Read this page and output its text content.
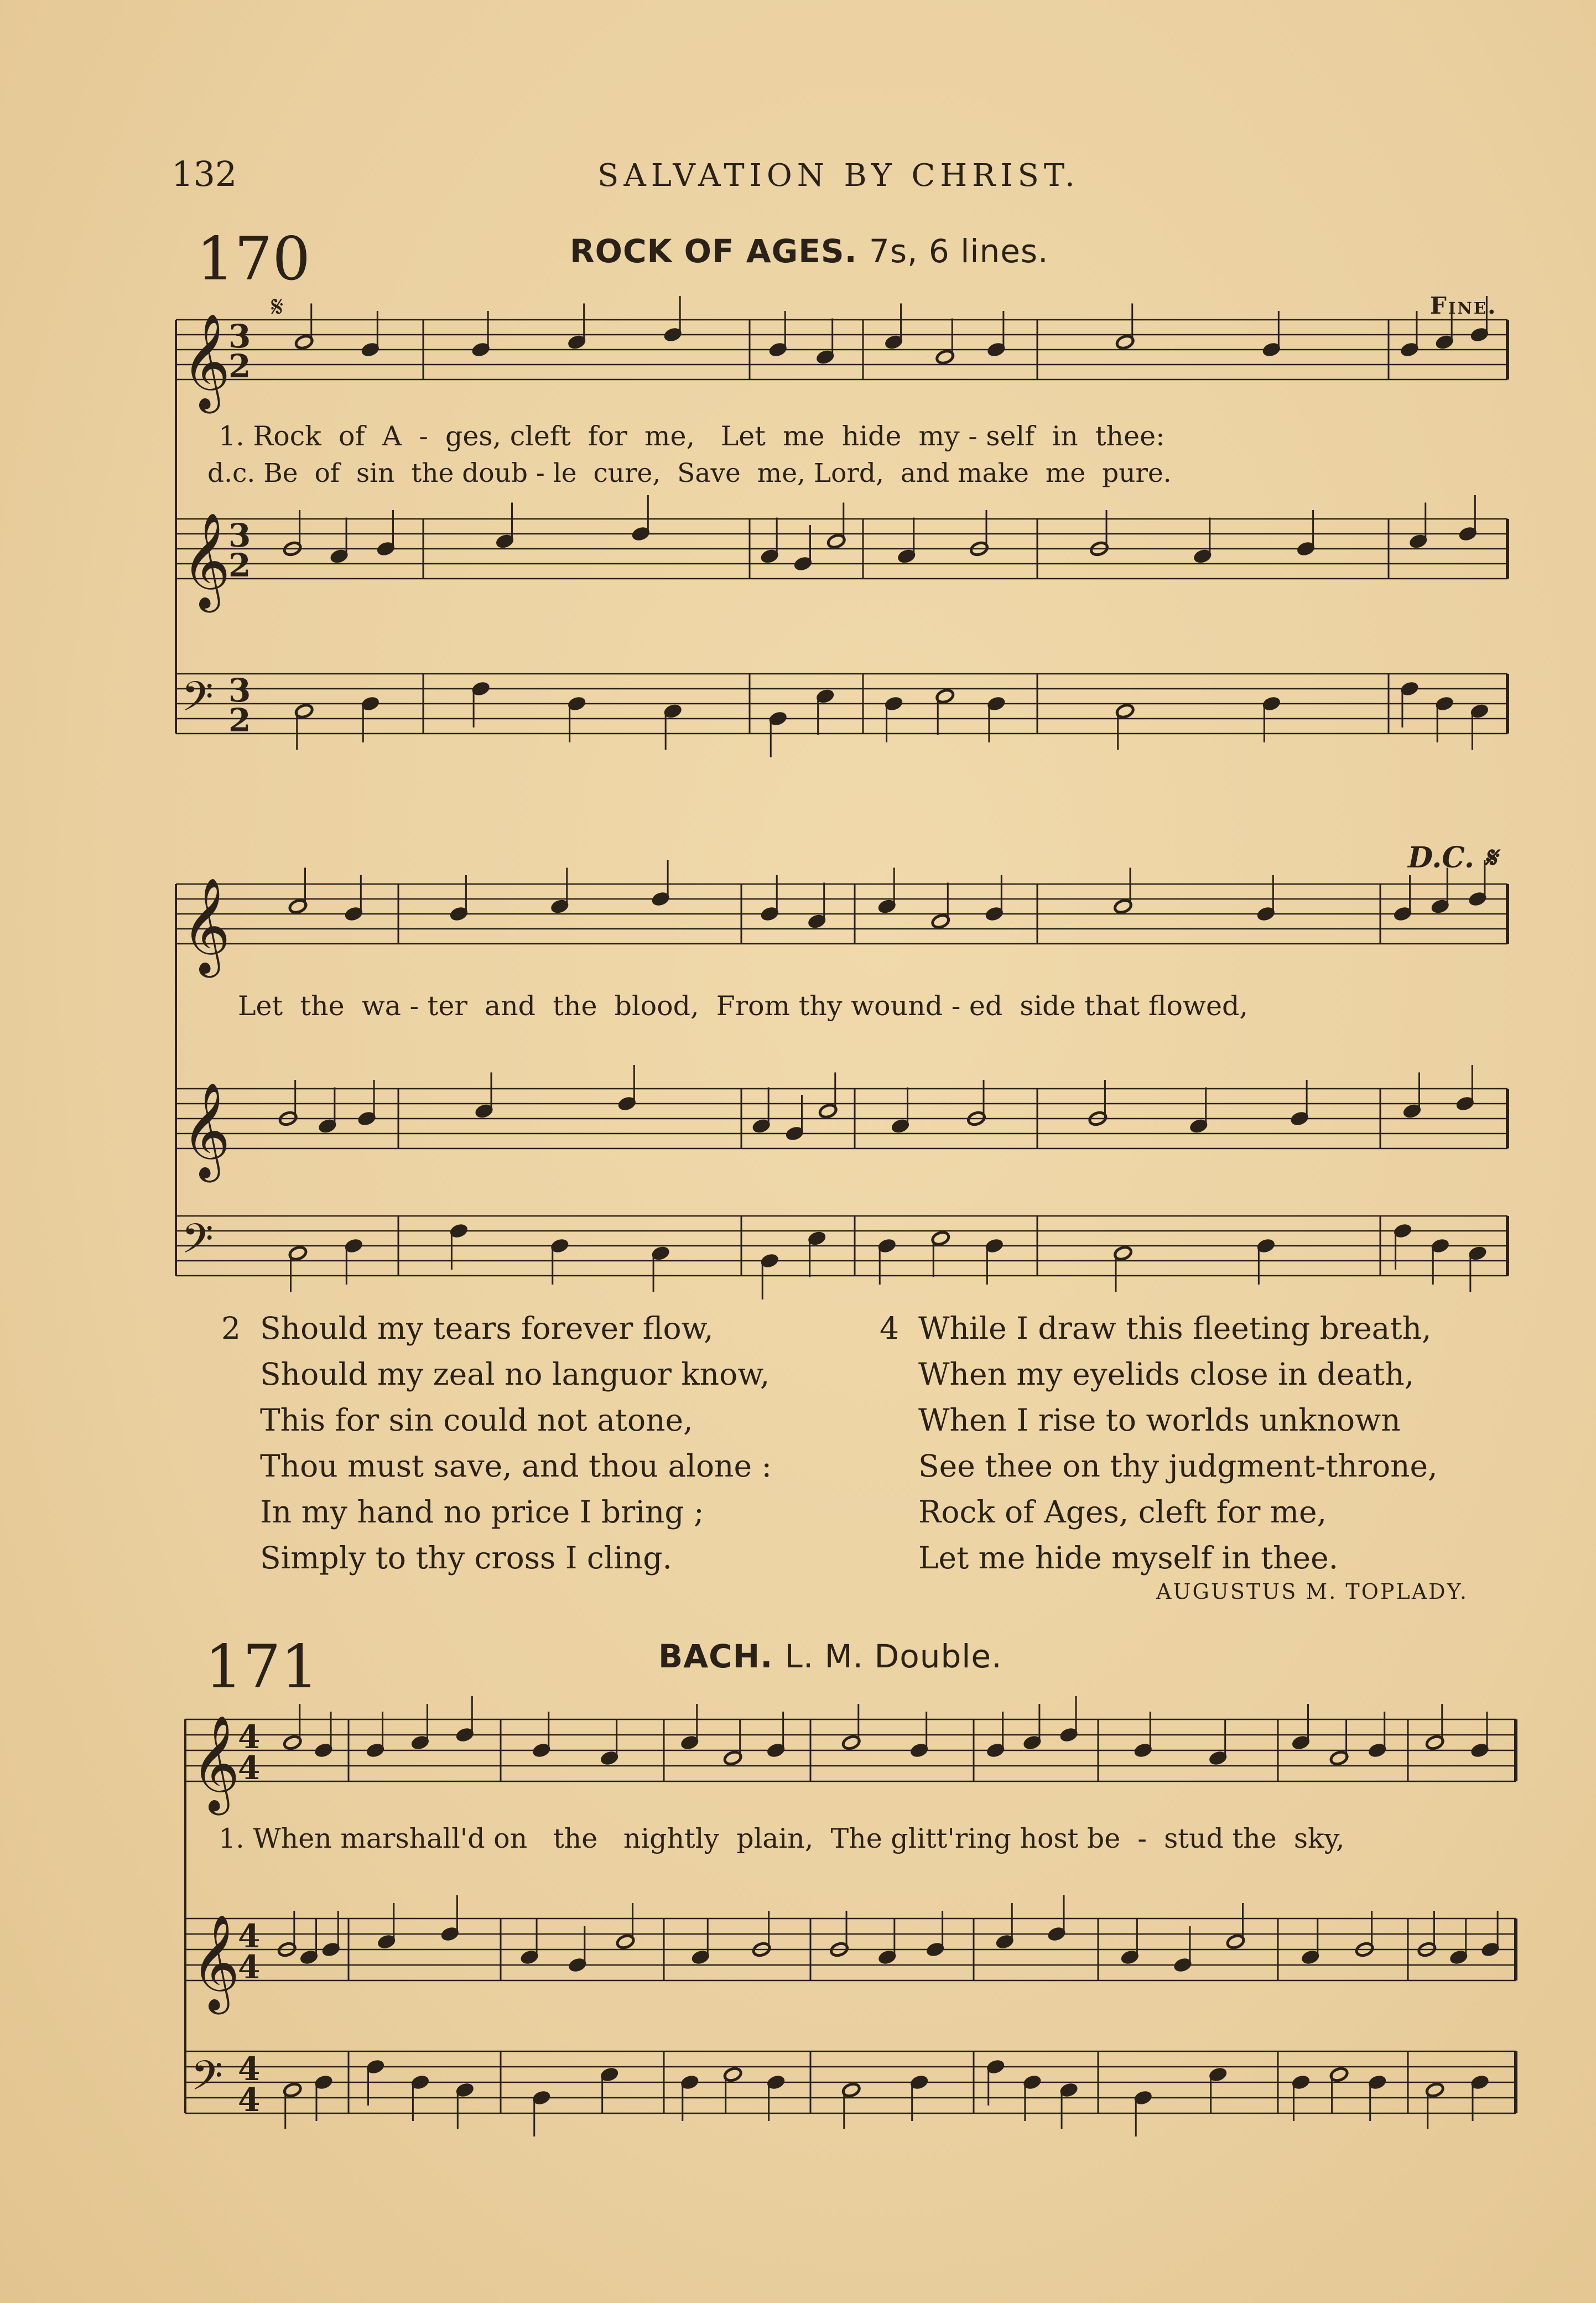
132	SALVATION BY CHRIST.
170	ROCK OF AGES. 7s, 6 lines.
𝄋	Fine.
D.C. 𝄋
1. Rock  of  A  -  ges, cleft  for  me,   Let  me  hide  my - self  in  thee:
d.c. Be  of  sin  the doub - le  cure,  Save  me, Lord,  and make  me  pure.
Let  the  wa - ter  and  the  blood,  From thy wound - ed  side that flowed,
2 Should my tears forever flow,
Should my zeal no languor know,
This for sin could not atone,
Thou must save, and thou alone :
In my hand no price I bring ;
Simply to thy cross I cling.
4 While I draw this fleeting breath,
When my eyelids close in death,
When I rise to worlds unknown
See thee on thy judgment-throne,
Rock of Ages, cleft for me,
Let me hide myself in thee.
AUGUSTUS M. TOPLADY.
171	BACH. L. M. Double.
1. When marshall'd on   the   nightly  plain,  The glitt'ring host be  -  stud the  sky,
𝄞
3
2
𝄞
3
2
𝄢 3
2
𝄞
𝄞
𝄢
𝄞
4
4
𝄞
4
4
𝄢 4
4
